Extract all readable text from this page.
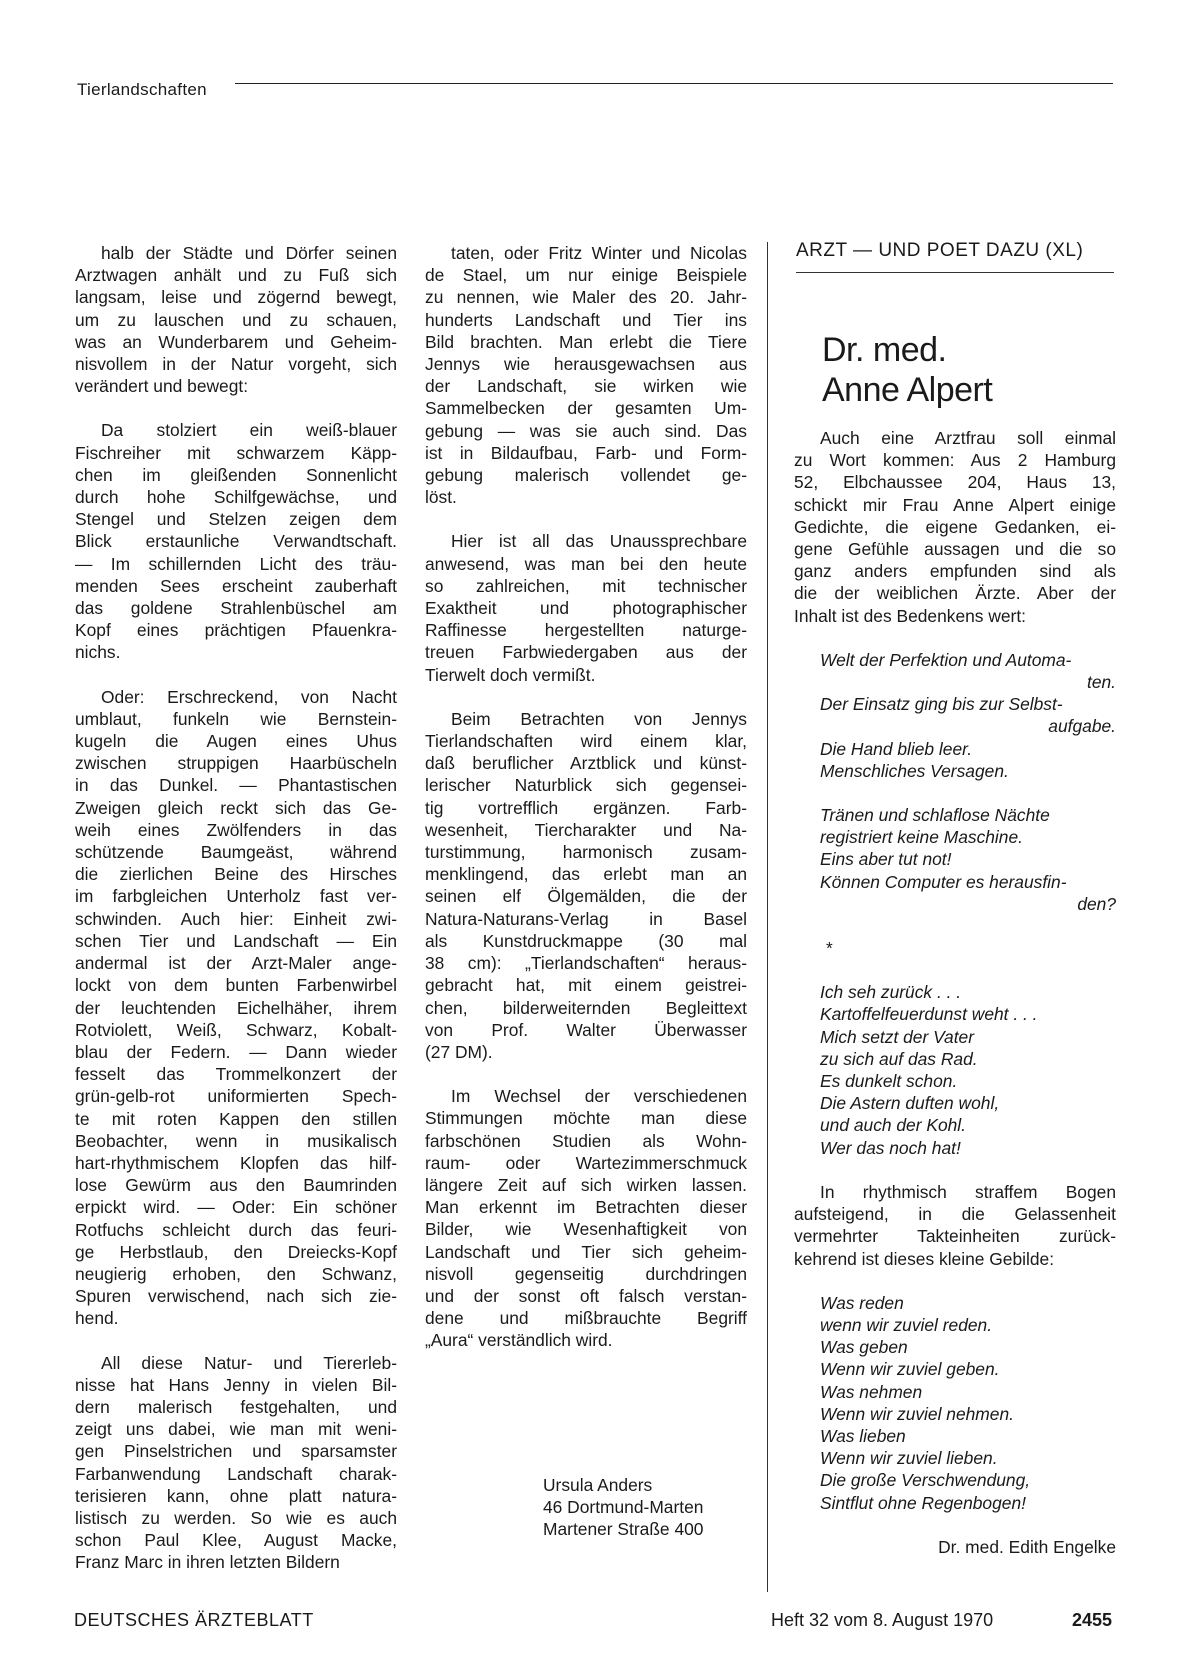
Tierlandschaften

halb der Städte und Dörfer seinen
Arztwagen anhält und zu Fuß sich
langsam, leise und zögernd bewegt,
um zu lauschen und zu schauen,
was an Wunderbarem und Geheim-
nisvollem in der Natur vorgeht, sich
verändert und bewegt:

Da stolziert ein weiß-blauer
Fischreiher mit schwarzem Käpp-
chen im gleißenden Sonnenlicht
durch hohe Schilfgewächse, und
Stengel und Stelzen zeigen dem
Blick erstaunliche Verwandtschaft.
— Im schillernden Licht des träu-
menden Sees erscheint zauberhaft
das goldene Strahlenbüschel am
Kopf eines prächtigen Pfauenkra-
nichs.

Oder: Erschreckend, von Nacht
umblaut, funkeln wie Bernstein-
kugeln die Augen eines Uhus
zwischen struppigen Haarbüscheln
in das Dunkel. — Phantastischen
Zweigen gleich reckt sich das Ge-
weih eines Zwölfenders in das
schützende Baumgeäst, während
die zierlichen Beine des Hirsches
im farbgleichen Unterholz fast ver-
schwinden. Auch hier: Einheit zwi-
schen Tier und Landschaft — Ein
andermal ist der Arzt-Maler ange-
lockt von dem bunten Farbenwirbel
der leuchtenden Eichelhäher, ihrem
Rotviolett, Weiß, Schwarz, Kobalt-
blau der Federn. — Dann wieder
fesselt das Trommelkonzert der
grün-gelb-rot uniformierten Spech-
te mit roten Kappen den stillen
Beobachter, wenn in musikalisch
hart-rhythmischem Klopfen das hilf-
lose Gewürm aus den Baumrinden
erpickt wird. — Oder: Ein schöner
Rotfuchs schleicht durch das feuri-
ge Herbstlaub, den Dreiecks-Kopf
neugierig erhoben, den Schwanz,
Spuren verwischend, nach sich zie-
hend.

All diese Natur- und Tiererleb-
nisse hat Hans Jenny in vielen Bil-
dern malerisch festgehalten, und
zeigt uns dabei, wie man mit weni-
gen Pinselstrichen und sparsamster
Farbanwendung Landschaft charak-
terisieren kann, ohne platt natura-
listisch zu werden. So wie es auch
schon Paul Klee, August Macke,
Franz Marc in ihren letzten Bildern

taten, oder Fritz Winter und Nicolas
de Stael, um nur einige Beispiele
zu nennen, wie Maler des 20. Jahr-
hunderts Landschaft und Tier ins
Bild brachten. Man erlebt die Tiere
Jennys wie herausgewachsen aus
der Landschaft, sie wirken wie
Sammelbecken der gesamten Um-
gebung — was sie auch sind. Das
ist in Bildaufbau, Farb- und Form-
gebung malerisch vollendet ge-
löst.

Hier ist all das Unaussprechbare
anwesend, was man bei den heute
so zahlreichen, mit technischer
Exaktheit und photographischer
Raffinesse hergestellten naturge-
treuen Farbwiedergaben aus der
Tierwelt doch vermißt.

Beim Betrachten von Jennys
Tierlandschaften wird einem klar,
daß beruflicher Arztblick und künst-
lerischer Naturblick sich gegensei-
tig vortrefflich ergänzen. Farb-
wesenheit, Tiercharakter und Na-
turstimmung, harmonisch zusam-
menklingend, das erlebt man an
seinen elf Ölgemälden, die der
Natura-Naturans-Verlag in Basel
als Kunstdruckmappe (30 mal
38 cm): „Tierlandschaften“ heraus-
gebracht hat, mit einem geistrei-
chen, bilderweiternden Begleittext
von Prof. Walter Überwasser
(27 DM).

Im Wechsel der verschiedenen
Stimmungen möchte man diese
farbschönen Studien als Wohn-
raum- oder Wartezimmerschmuck
längere Zeit auf sich wirken lassen.
Man erkennt im Betrachten dieser
Bilder, wie Wesenhaftigkeit von
Landschaft und Tier sich geheim-
nisvoll gegenseitig durchdringen
und der sonst oft falsch verstan-
dene und mißbrauchte Begriff
„Aura“ verständlich wird.

Ursula Anders
46 Dortmund-Marten
Martener Straße 400
ARZT — UND POET DAZU (XL)
Dr. med.
Anne Alpert

Auch eine Arztfrau soll einmal
zu Wort kommen: Aus 2 Hamburg
52, Elbchaussee 204, Haus 13,
schickt mir Frau Anne Alpert einige
Gedichte, die eigene Gedanken, ei-
gene Gefühle aussagen und die so
ganz anders empfunden sind als
die der weiblichen Ärzte. Aber der
Inhalt ist des Bedenkens wert:

Welt der Perfektion und Automa-
ten.
Der Einsatz ging bis zur Selbst-
aufgabe.
Die Hand blieb leer.
Menschliches Versagen.
Tränen und schlaflose Nächte
registriert keine Maschine.
Eins aber tut not!
Können Computer es herausfin-
den?
*
Ich seh zurück . . .
Kartoffelfeuerdunst weht . . .
Mich setzt der Vater
zu sich auf das Rad.
Es dunkelt schon.
Die Astern duften wohl,
und auch der Kohl.
Wer das noch hat!

In rhythmisch straffem Bogen
aufsteigend, in die Gelassenheit
vermehrter Takteinheiten zurück-
kehrend ist dieses kleine Gebilde:

Was reden
wenn wir zuviel reden.
Was geben
Wenn wir zuviel geben.
Was nehmen
Wenn wir zuviel nehmen.
Was lieben
Wenn wir zuviel lieben.
Die große Verschwendung,
Sintflut ohne Regenbogen!
Dr. med. Edith Engelke
DEUTSCHES ÄRZTEBLATT	Heft 32 vom 8. August 1970	2455
